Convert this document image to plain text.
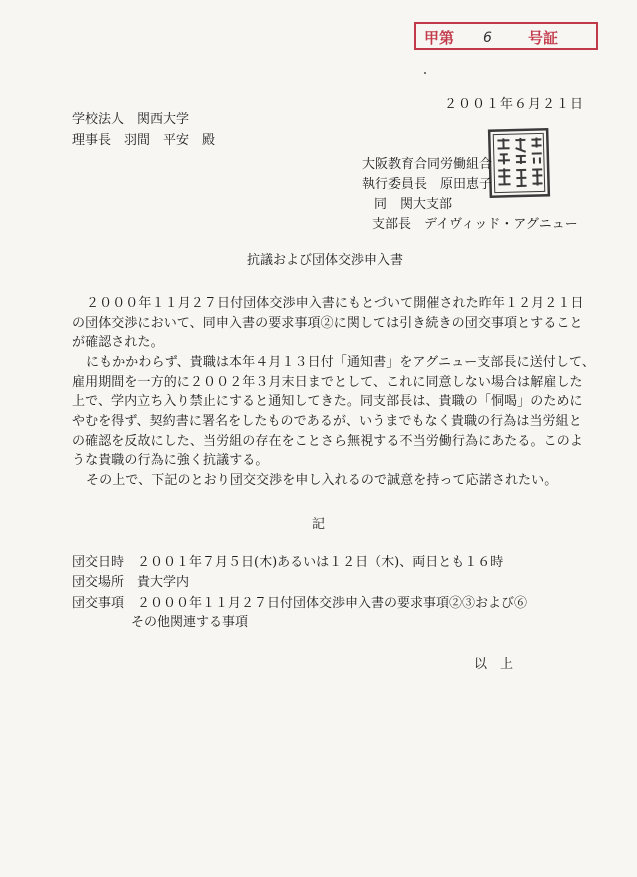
甲第 6 号証
２００１年６月２１日
学校法人　関西大学
理事長 羽間　平安 殿
大阪教育合同労働組合
執行委員長 原田恵子
同　関大支部
支部長 デイヴィッド・アグニュー
抗議および団体交渉申入書
２０００年１１月２７日付団体交渉申入書にもとづいて開催された昨年１２月２１日
の団体交渉において、同申入書の要求事項②に関しては引き続きの団交事項とすること
が確認された。
にもかかわらず、貴職は本年４月１３日付「通知書」をアグニュー支部長に送付して、
雇用期間を一方的に２００２年３月末日までとして、これに同意しない場合は解雇した
上で、学内立ち入り禁止にすると通知してきた。同支部長は、貴職の「恫喝」のために
やむを得ず、契約書に署名をしたものであるが、いうまでもなく貴職の行為は当労組と
の確認を反故にした、当労組の存在をことさら無視する不当労働行為にあたる。このよ
うな貴職の行為に強く抗議する。
その上で、下記のとおり団交交渉を申し入れるので誠意を持って応諾されたい。
記
団交日時 ２００１年７月５日(木)あるいは１２日（木)、両日とも１６時
団交場所 貴大学内
団交事項 ２０００年１１月２７日付団体交渉申入書の要求事項②③および⑥
その他関連する事項
以　上
